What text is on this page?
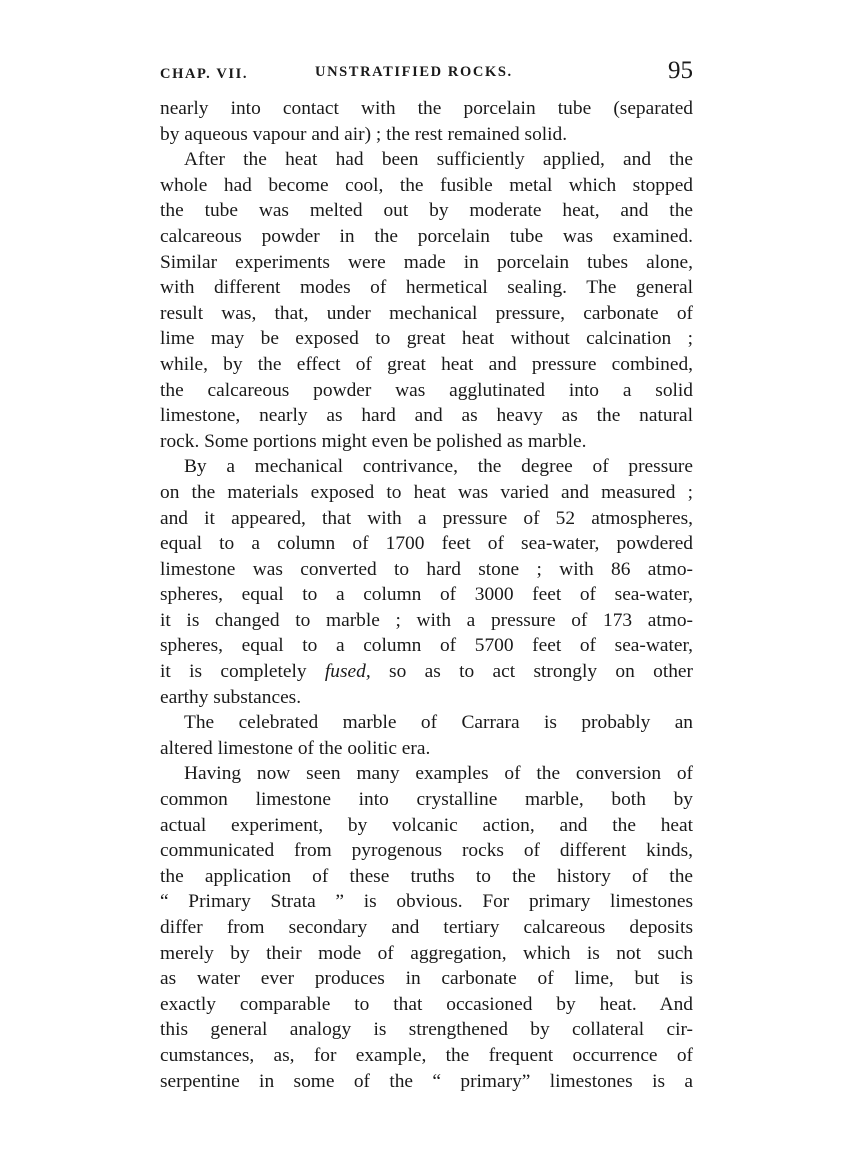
CHAP. VII.	UNSTRATIFIED ROCKS.	95
nearly into contact with the porcelain tube (separated
by aqueous vapour and air) ; the rest remained solid.
After the heat had been sufficiently applied, and the
whole had become cool, the fusible metal which stopped
the tube was melted out by moderate heat, and the
calcareous powder in the porcelain tube was examined.
Similar experiments were made in porcelain tubes alone,
with different modes of hermetical sealing. The general
result was, that, under mechanical pressure, carbonate of
lime may be exposed to great heat without calcination ;
while, by the effect of great heat and pressure combined,
the calcareous powder was agglutinated into a solid
limestone, nearly as hard and as heavy as the natural
rock. Some portions might even be polished as marble.
By a mechanical contrivance, the degree of pressure
on the materials exposed to heat was varied and measured ;
and it appeared, that with a pressure of 52 atmospheres,
equal to a column of 1700 feet of sea-water, powdered
limestone was converted to hard stone ; with 86 atmo-
spheres, equal to a column of 3000 feet of sea-water,
it is changed to marble ; with a pressure of 173 atmo-
spheres, equal to a column of 5700 feet of sea-water,
it is completely fused, so as to act strongly on other
earthy substances.
The celebrated marble of Carrara is probably an
altered limestone of the oolitic era.
Having now seen many examples of the conversion of
common limestone into crystalline marble, both by
actual experiment, by volcanic action, and the heat
communicated from pyrogenous rocks of different kinds,
the application of these truths to the history of the
“ Primary Strata ” is obvious. For primary limestones
differ from secondary and tertiary calcareous deposits
merely by their mode of aggregation, which is not such
as water ever produces in carbonate of lime, but is
exactly comparable to that occasioned by heat. And
this general analogy is strengthened by collateral cir-
cumstances, as, for example, the frequent occurrence of
serpentine in some of the “ primary” limestones is a
